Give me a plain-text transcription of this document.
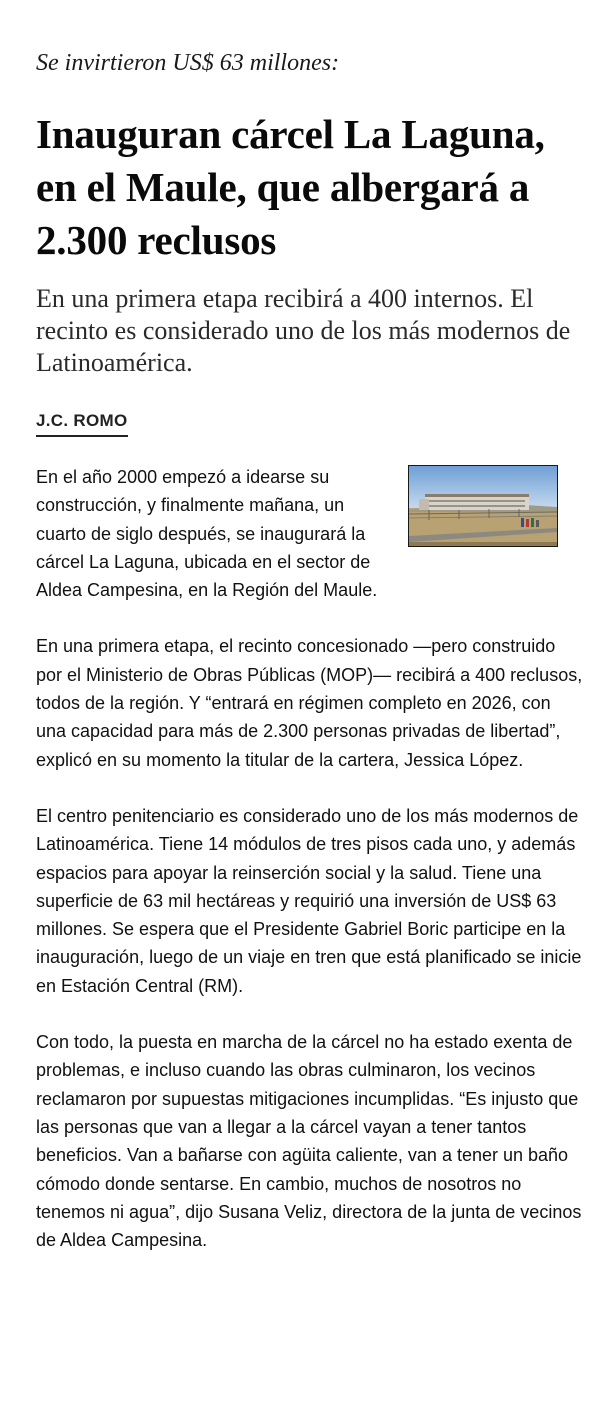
Se invirtieron US$ 63 millones:

Inauguran cárcel La Laguna, en el Maule, que albergará a 2.300 reclusos

En una primera etapa recibirá a 400 internos. El recinto es considerado uno de los más modernos de Latinoamérica.

J.C. ROMO

En el año 2000 empezó a idearse su construcción, y finalmente mañana, un cuarto de siglo después, se inaugurará la cárcel La Laguna, ubicada en el sector de Aldea Campesina, en la Región del Maule.

En una primera etapa, el recinto concesionado —pero construido por el Ministerio de Obras Públicas (MOP)— recibirá a 400 reclusos, todos de la región. Y “entrará en régimen completo en 2026, con una capacidad para más de 2.300 personas privadas de libertad”, explicó en su momento la titular de la cartera, Jessica López.

El centro penitenciario es considerado uno de los más modernos de Latinoamérica. Tiene 14 módulos de tres pisos cada uno, y además espacios para apoyar la reinserción social y la salud. Tiene una superficie de 63 mil hectáreas y requirió una inversión de US$ 63 millones. Se espera que el Presidente Gabriel Boric participe en la inauguración, luego de un viaje en tren que está planificado se inicie en Estación Central (RM).

Con todo, la puesta en marcha de la cárcel no ha estado exenta de problemas, e incluso cuando las obras culminaron, los vecinos reclamaron por supuestas mitigaciones incumplidas. “Es injusto que las personas que van a llegar a la cárcel vayan a tener tantos beneficios. Van a bañarse con agüita caliente, van a tener un baño cómodo donde sentarse. En cambio, muchos de nosotros no tenemos ni agua”, dijo Susana Veliz, directora de la junta de vecinos de Aldea Campesina.
